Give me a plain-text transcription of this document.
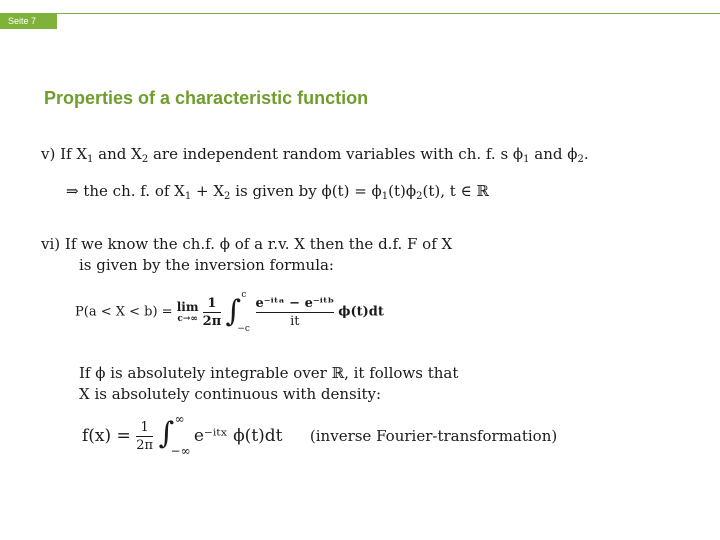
Seite 7
Properties of a characteristic function
v) If $X_1$ and $X_2$ are independent random variables with ch. f. s $\phi_1$ and $\phi_2$.
⇒ the ch. f. of $X_1 + X_2$ is given by $\phi(t) = \phi_1(t)\phi_2(t)$, t ∈ ℝ
vi) If we know the ch.f. ϕ of a r.v. X then the d.f. F of X
is given by the inversion formula:
P(a < X < b) = lim
c→∞
$\frac{1}{2\pi}$
∫ c
−c

$\frac{\text{e⁻ⁱᵗᵃ − e⁻ⁱᵗᵇ}}{it} \phi(t)dt$
If ϕ is absolutely integrable over ℝ, it follows that
X is absolutely continuous with density:
$f(x) = \frac{1}{2\pi}$
∫ ∞
−∞
e⁻ⁱᵗˣ ϕ(t)dt (inverse Fourier-transformation)
